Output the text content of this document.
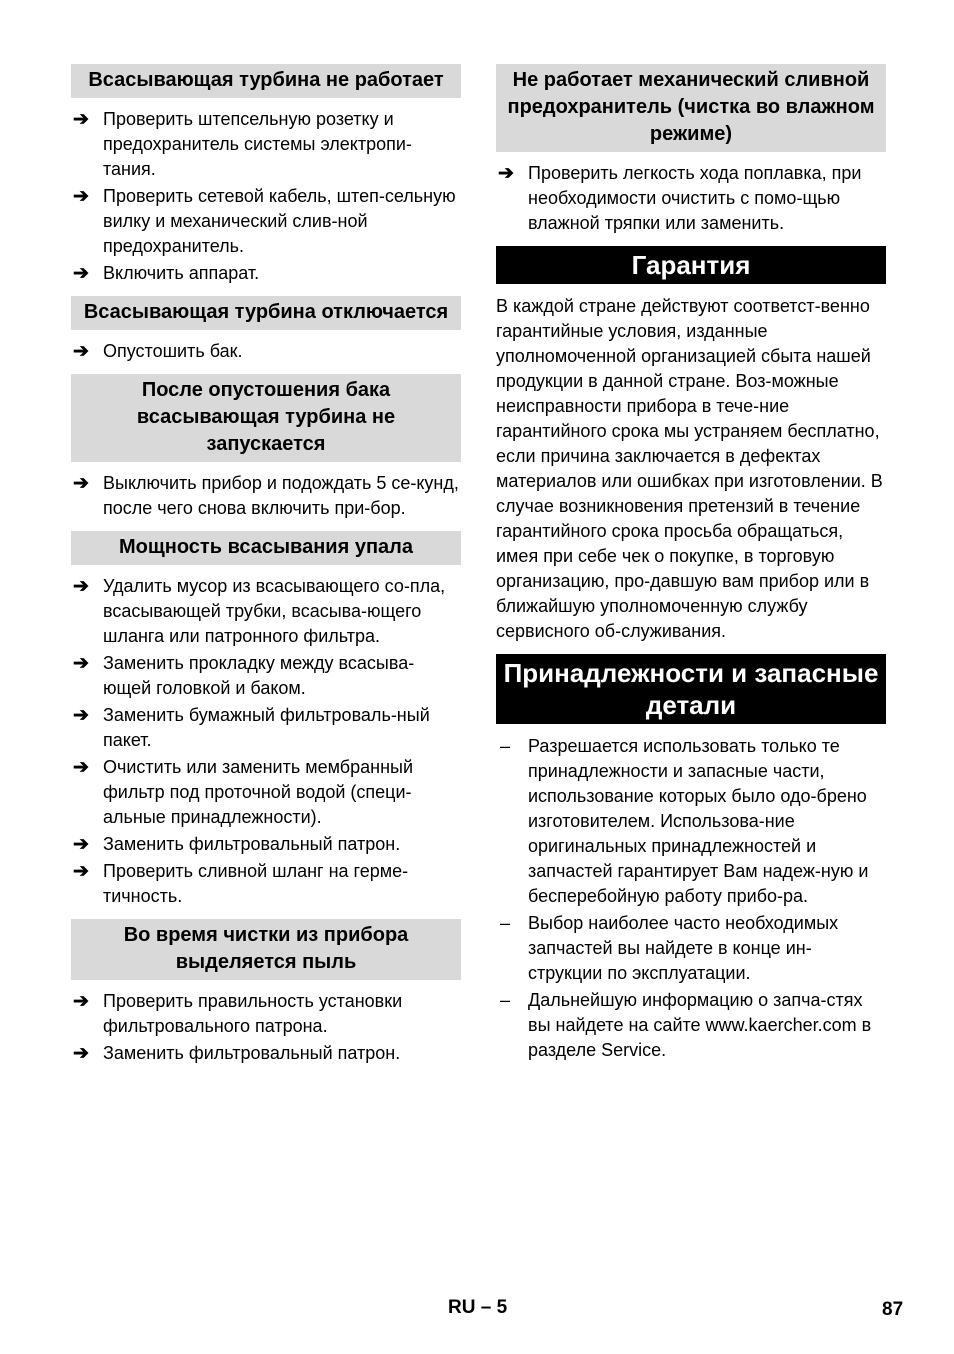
Всасывающая турбина не работает
➔ Проверить штепсельную розетку и предохранитель системы электропи-тания.
➔ Проверить сетевой кабель, штеп-сельную вилку и механический слив-ной предохранитель.
➔ Включить аппарат.
Всасывающая турбина отключается
➔ Опустошить бак.
После опустошения бака всасывающая турбина не запускается
➔ Выключить прибор и подождать 5 се-кунд, после чего снова включить при-бор.
Мощность всасывания упала
➔ Удалить мусор из всасывающего со-пла, всасывающей трубки, всасыва-ющего шланга или патронного фильтра.
➔ Заменить прокладку между всасыва-ющей головкой и баком.
➔ Заменить бумажный фильтроваль-ный пакет.
➔ Очистить или заменить мембранный фильтр под проточной водой (специ-альные принадлежности).
➔ Заменить фильтровальный патрон.
➔ Проверить сливной шланг на герме-тичность.
Во время чистки из прибора выделяется пыль
➔ Проверить правильность установки фильтровального патрона.
➔ Заменить фильтровальный патрон.
Не работает механический сливной предохранитель (чистка во влажном режиме)
➔ Проверить легкость хода поплавка, при необходимости очистить с помо-щью влажной тряпки или заменить.
Гарантия

В каждой стране действуют соответст-венно гарантийные условия, изданные уполномоченной организацией сбыта нашей продукции в данной стране. Воз-можные неисправности прибора в тече-ние гарантийного срока мы устраняем бесплатно, если причина заключается в дефектах материалов или ошибках при изготовлении. В случае возникновения претензий в течение гарантийного срока просьба обращаться, имея при себе чек о покупке, в торговую организацию, про-давшую вам прибор или в ближайшую уполномоченную службу сервисного об-служивания.

Принадлежности и запасные детали
– Разрешается использовать только те принадлежности и запасные части, использование которых было одо-брено изготовителем. Использова-ние оригинальных принадлежностей и запчастей гарантирует Вам надеж-ную и бесперебойную работу прибо-ра.
– Выбор наиболее часто необходимых запчастей вы найдете в конце ин-струкции по эксплуатации.
– Дальнейшую информацию о запча-стях вы найдете на сайте www.kaercher.com в разделе Service.
RU – 5	87
